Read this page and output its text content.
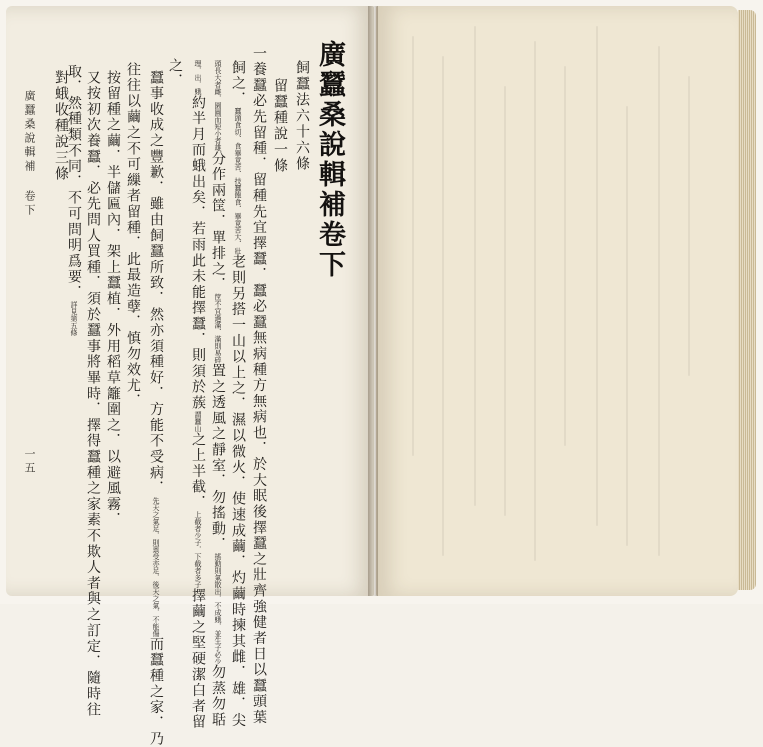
廣蠶桑說輯補卷下
飼蠶法六十六條
留蠶種說一條
一養蠶必先留種．留種先宜擇蠶．蠶必蠶無病種方無病也．於大眠後擇蠶之壯齊強健者日以蠶頭葉
飼之．蠶頭食切．食畢竟苦．技蠶飽食．畢竟苦大．壯老則另搭一山以上之．濕以微火．使速成繭．灼繭時揀其雌．雄．尖
頭長大者雌．園圓而短小者雄分作兩筐．單排之．筐不宜過滿．滿則易碎置之透風之靜室．勿搖動．搖動則氣散出．不成蛾．並生子必少勿蒸勿聒
理．出．蛾約半月而蛾出矣．若雨此未能擇蠶．則須於蔟謂蠶山之上半截．上截者少子．下截者多子擇繭之堅硬潔白者留
之．
蠶事收成之豐歉．雖由飼蠶所致．然亦須種好．方能不受病．先天之氣足．則禀受亦足．後天之氣．不能傷而蠶種之家．乃
往往以繭之不可繅者留種．此最造孽．慎勿效尤．
按留種之繭．半儲匾內．架上蠶植．外用稻草籬圍之．以避風霧．
又按初次養蠶．必先問人買種．須於蠶事將畢時．擇得蠶種之家素不欺人者與之訂定．隨時往
取．然種類不同．不可問明爲要．詳見第五條
對蛾收種說三條
廣蠶桑說輯補
卷下
一五
